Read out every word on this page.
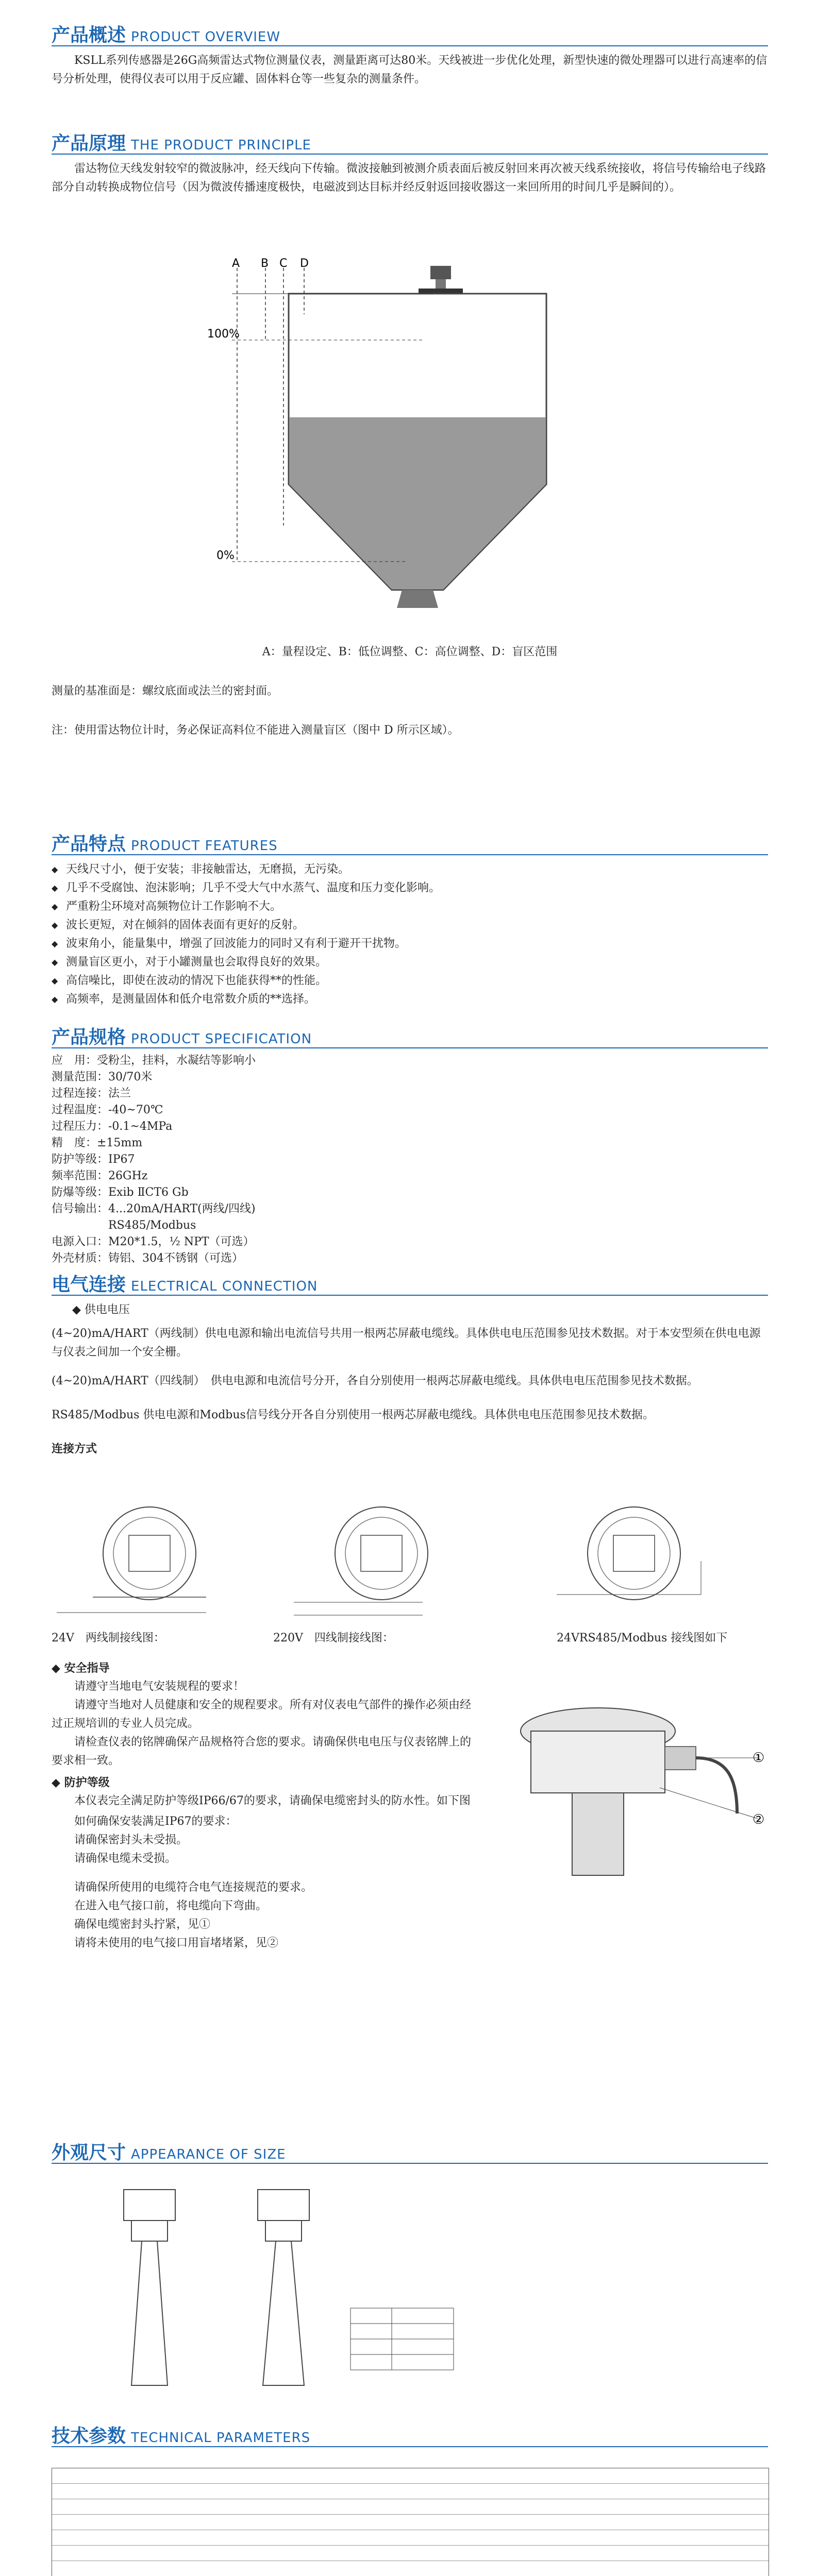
产品概述 PRODUCT OVERVIEW

KSLL系列传感器是26G高频雷达式物位测量仪表，测量距离可达80米。天线被进一步优化处理，新型快速的微处理器可以进行高速率的信号分析处理，使得仪表可以用于反应罐、固体料仓等一些复杂的测量条件。

产品原理 THE PRODUCT PRINCIPLE

雷达物位天线发射较窄的微波脉冲，经天线向下传输。微波接触到被测介质表面后被反射回来再次被天线系统接收，将信号传输给电子线路部分自动转换成物位信号（因为微波传播速度极快，电磁波到达目标并经反射返回接收器这一来回所用的时间几乎是瞬间的）。

A B C D
100%
0%

A：量程设定、B：低位调整、C：高位调整、D：盲区范围

测量的基准面是：螺纹底面或法兰的密封面。

注：使用雷达物位计时，务必保证高料位不能进入测量盲区（图中 D 所示区域）。

产品特点 PRODUCT FEATURES
◆ 天线尺寸小，便于安装；非接触雷达，无磨损，无污染。
◆ 几乎不受腐蚀、泡沫影响；几乎不受大气中水蒸气、温度和压力变化影响。
◆ 严重粉尘环境对高频物位计工作影响不大。
◆ 波长更短，对在倾斜的固体表面有更好的反射。
◆ 波束角小，能量集中，增强了回波能力的同时又有利于避开干扰物。
◆ 测量盲区更小，对于小罐测量也会取得良好的效果。
◆ 高信噪比，即使在波动的情况下也能获得**的性能。
◆ 高频率，是测量固体和低介电常数介质的**选择。
产品规格 PRODUCT SPECIFICATION
应　用：受粉尘，挂料，水凝结等影响小
测量范围：30/70米
过程连接：法兰
过程温度：-40~70℃
过程压力：-0.1~4MPa
精　度：±15mm
防护等级：IP67
频率范围：26GHz
防爆等级：Exib ⅡCT6 Gb
信号输出：4...20mA/HART(两线/四线)
　　　　　RS485/Modbus
电源入口：M20*1.5，½ NPT（可选）
外壳材质：铸铝、304不锈钢（可选）
电气连接 ELECTRICAL CONNECTION

◆ 供电电压

(4~20)mA/HART（两线制）供电电源和输出电流信号共用一根两芯屏蔽电缆线。具体供电电压范围参见技术数据。对于本安型须在供电电源与仪表之间加一个安全栅。

(4~20)mA/HART（四线制）　供电电源和电流信号分开，各自分别使用一根两芯屏蔽电缆线。具体供电电压范围参见技术数据。

RS485/Modbus 供电电源和Modbus信号线分开各自分别使用一根两芯屏蔽电缆线。具体供电电压范围参见技术数据。

连接方式

24V　两线制接线图：	220V　四线制接线图：	24VRS485/Modbus 接线图如下

◆ 安全指导

请遵守当地电气安装规程的要求！

请遵守当地对人员健康和安全的规程要求。所有对仪表电气部件的操作必须由经过正规培训的专业人员完成。

请检查仪表的铭牌确保产品规格符合您的要求。请确保供电电压与仪表铭牌上的要求相一致。

◆ 防护等级

本仪表完全满足防护等级IP66/67的要求，请确保电缆密封头的防水性。如下图

如何确保安装满足IP67的要求：

请确保密封头未受损。

请确保电缆未受损。

请确保所使用的电缆符合电气连接规范的要求。

在进入电气接口前，将电缆向下弯曲。

确保电缆密封头拧紧，见①

请将未使用的电气接口用盲堵堵紧，见②

①
②
外观尺寸 APPEARANCE OF SIZE
技术参数 TECHNICAL PARAMETERS
